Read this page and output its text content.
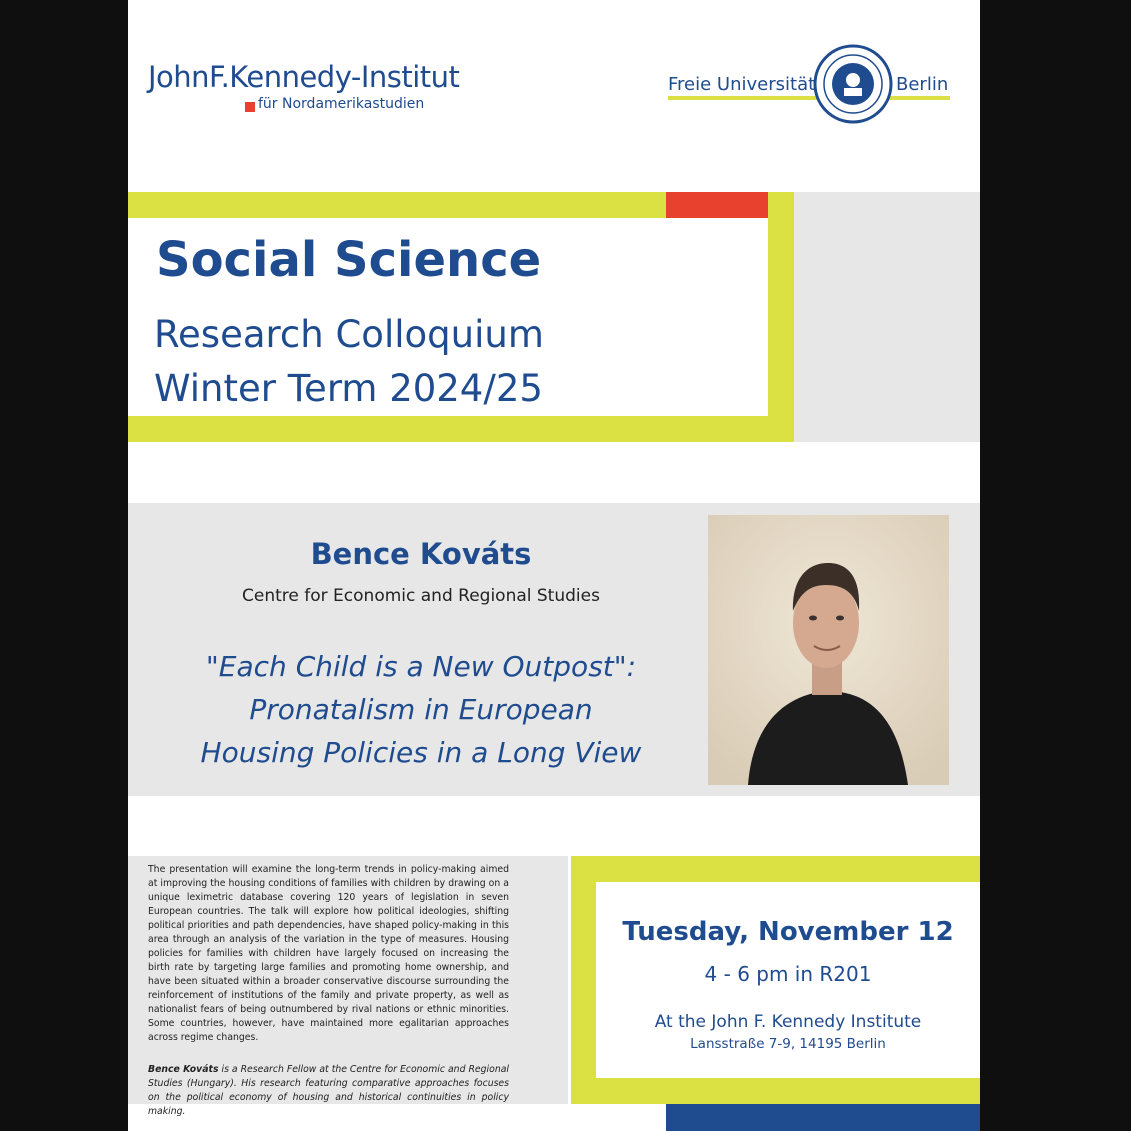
JohnF.Kennedy-Institut
für Nordamerikastudien
Freie Universität	Berlin
Social Science
Research Colloquium
Winter Term 2024/25
Bence Kováts
Centre for Economic and Regional Studies
"Each Child is a New Outpost":
Pronatalism in European
Housing Policies in a Long View
The presentation will examine the long-term trends in policy-making aimed at improving the housing conditions of families with children by drawing on a unique leximetric database covering 120 years of legislation in seven European countries. The talk will explore how political ideologies, shifting political priorities and path dependencies, have shaped policy-making in this area through an analysis of the variation in the type of measures. Housing policies for families with children have largely focused on increasing the birth rate by targeting large families and promoting home ownership, and have been situated within a broader conservative discourse surrounding the reinforcement of institutions of the family and private property, as well as nationalist fears of being outnumbered by rival nations or ethnic minorities. Some countries, however, have maintained more egalitarian approaches across regime changes.
Bence Kováts is a Research Fellow at the Centre for Economic and Regional Studies (Hungary). His research featuring comparative approaches focuses on the political economy of housing and historical continuities in policy making.
Tuesday, November 12
4 - 6 pm in R201
At the John F. Kennedy Institute
Lansstraße 7-9, 14195 Berlin
